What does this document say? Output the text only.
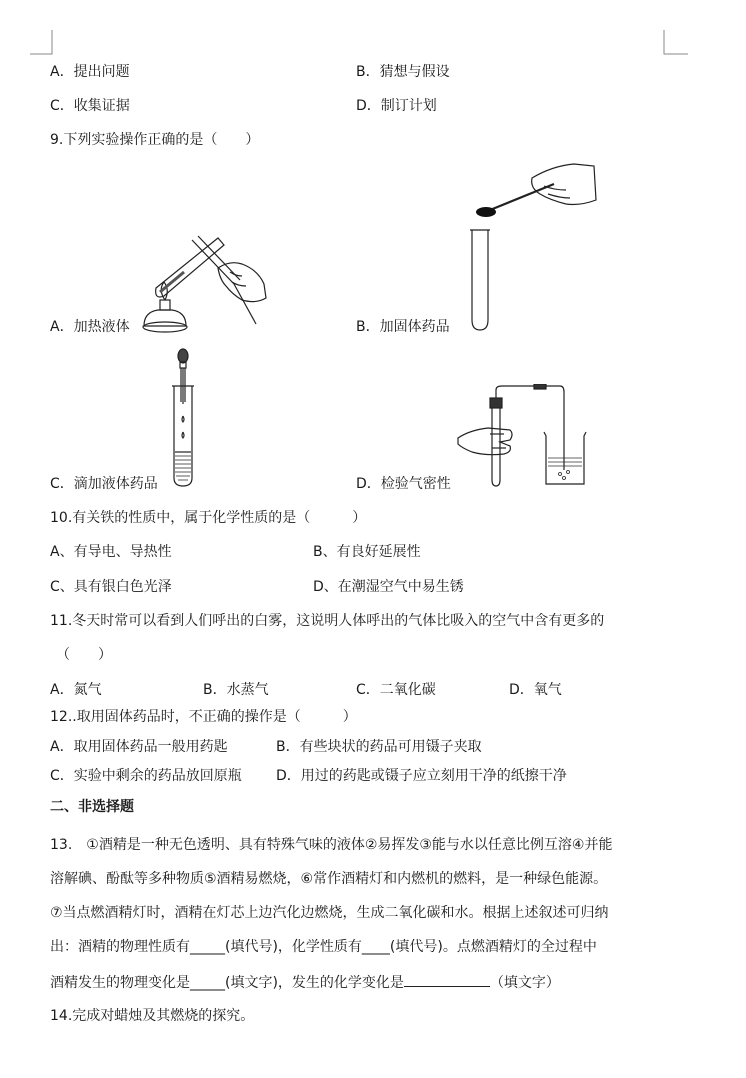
A．提出问题	B．猜想与假设
C．收集证据	D．制订计划
9.下列实验操作正确的是（　　）
A．加热液体	B．加固体药品
C．滴加液体药品	D．检验气密性
10.有关铁的性质中，属于化学性质的是（　　　）
A、有导电、导热性	B、有良好延展性
C、具有银白色光泽	D、在潮湿空气中易生锈
11.冬天时常可以看到人们呼出的白雾，这说明人体呼出的气体比吸入的空气中含有更多的
（　　）
A．氮气	B．水蒸气	C．二氧化碳	D．氧气
12..取用固体药品时，不正确的操作是（　　　）
A．取用固体药品一般用药匙	B．有些块状的药品可用镊子夹取
C．实验中剩余的药品放回原瓶 D．用过的药匙或镊子应立刻用干净的纸擦干净
二、非选择题
13.　①酒精是一种无色透明、具有特殊气味的液体②易挥发③能与水以任意比例互溶④并能
溶解碘、酚酞等多种物质⑤酒精易燃烧，⑥常作酒精灯和内燃机的燃料，是一种绿色能源。
⑦当点燃酒精灯时，酒精在灯芯上边汽化边燃烧，生成二氧化碳和水。根据上述叙述可归纳
出：酒精的物理性质有_____(填代号)，化学性质有____(填代号)。点燃酒精灯的全过程中
酒精发生的物理变化是_____(填文字)，发生的化学变化是	（填文字）
14.完成对蜡烛及其燃烧的探究。
